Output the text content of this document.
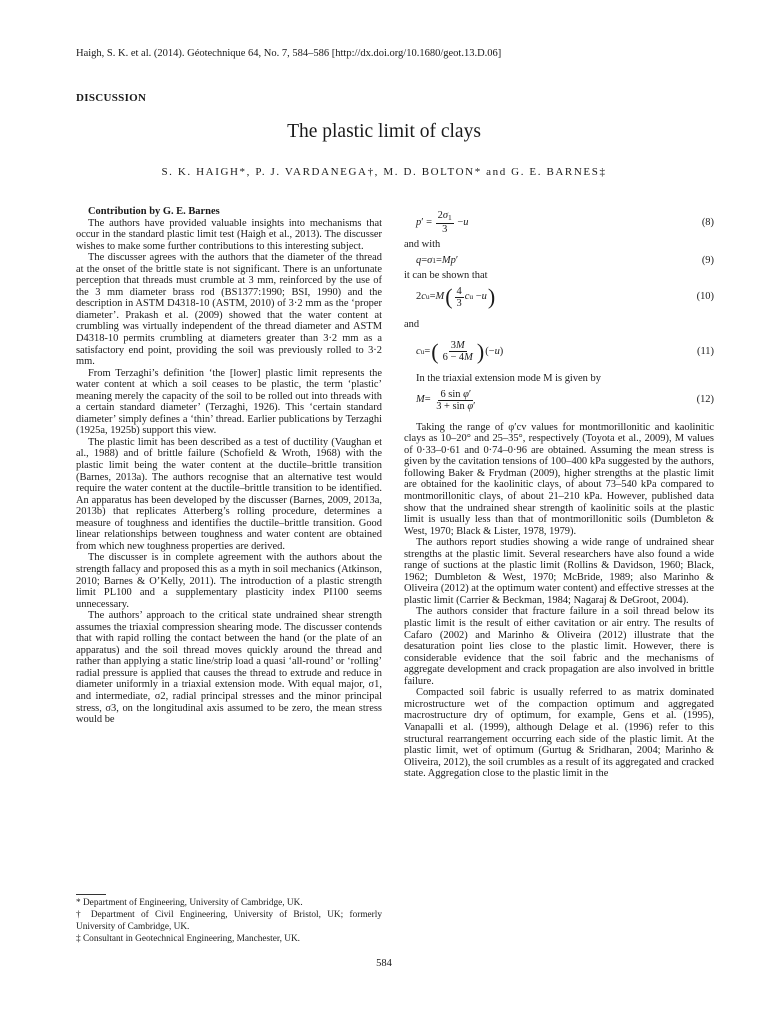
Haigh, S. K. et al. (2014). Géotechnique 64, No. 7, 584–586 [http://dx.doi.org/10.1680/geot.13.D.06]
DISCUSSION
The plastic limit of clays
S. K. HAIGH*, P. J. VARDANEGA†, M. D. BOLTON* and G. E. BARNES‡

Contribution by G. E. Barnes

The authors have provided valuable insights into mechanisms that occur in the standard plastic limit test (Haigh et al., 2013). The discusser wishes to make some further contributions to this interesting subject.

The discusser agrees with the authors that the diameter of the thread at the onset of the brittle state is not significant. There is an unfortunate perception that threads must crumble at 3 mm, reinforced by the use of the 3 mm diameter brass rod (BS1377:1990; BSI, 1990) and the description in ASTM D4318-10 (ASTM, 2010) of 3·2 mm as the ‘proper diameter’. Prakash et al. (2009) showed that the water content at crumbling was virtually independent of the thread diameter and ASTM D4318-10 permits crumbling at diameters greater than 3·2 mm as a satisfactory end point, providing the soil was previously rolled to 3·2 mm.

From Terzaghi’s definition ‘the [lower] plastic limit represents the water content at which a soil ceases to be plastic, the term ‘plastic’ meaning merely the capacity of the soil to be rolled out into threads with a certain standard diameter’ (Terzaghi, 1926). This ‘certain standard diameter’ simply defines a ‘thin’ thread. Earlier publications by Terzaghi (1925a, 1925b) support this view.

The plastic limit has been described as a test of ductility (Vaughan et al., 1988) and of brittle failure (Schofield & Wroth, 1968) with the plastic limit being the water content at the ductile–brittle transition (Barnes, 2013a). The authors recognise that an alternative test would require the water content at the ductile–brittle transition to be identified. An apparatus has been developed by the discusser (Barnes, 2009, 2013a, 2013b) that replicates Atterberg’s rolling procedure, determines a measure of toughness and identifies the ductile–brittle transition. Good linear relationships between toughness and water content are obtained from which new toughness properties are derived.

The discusser is in complete agreement with the authors about the strength fallacy and proposed this as a myth in soil mechanics (Atkinson, 2010; Barnes & O’Kelly, 2011). The introduction of a plastic strength limit PL100 and a supplementary plasticity index PI100 seems unnecessary.

The authors’ approach to the critical state undrained shear strength assumes the triaxial compression shearing mode. The discusser contends that with rapid rolling the contact between the hand (or the plate of an apparatus) and the soil thread moves quickly around the thread and rather than applying a static line/strip load a quasi ‘all-round’ or ‘rolling’ radial pressure is applied that causes the thread to extrude and reduce in diameter uniformly in a triaxial extension mode. With equal major, σ1, and intermediate, σ2, radial principal stresses and the minor principal stress, σ3, on the longitudinal axis assumed to be zero, the mean stress would be

* Department of Engineering, University of Cambridge, UK.

† Department of Civil Engineering, University of Bristol, UK; formerly University of Cambridge, UK.

‡ Consultant in Geotechnical Engineering, Manchester, UK.

p ′ = $\frac{2\sigma_1}{3} - u$	(8)

and with

q = σ 1 = Mp ′	(9)

it can be shown that

2 c u = M ( $\frac{4}{3}$ c u − u )	(10)

and

c u = ( $\frac{3M}{6 - 4M}$ ) (− u )	(11)

In the triaxial extension mode M is given by

$M = \frac{\text{6 sin φ′}}{\text{3 + sin φ′}}$	(12)

Taking the range of φ′cv values for montmorillonitic and kaolinitic clays as 10–20° and 25–35°, respectively (Toyota et al., 2009), M values of 0·33–0·61 and 0·74–0·96 are obtained. Assuming the mean stress is given by the cavitation tensions of 100–400 kPa suggested by the authors, following Baker & Frydman (2009), higher strengths at the plastic limit are obtained for the kaolinitic clays, of about 73–540 kPa compared to montmorillonitic clays, of about 21–210 kPa. However, published data show that the undrained shear strength of kaolinitic soils at the plastic limit is usually less than that of montmorillonitic soils (Dumbleton & West, 1970; Black & Lister, 1978, 1979).

The authors report studies showing a wide range of undrained shear strengths at the plastic limit. Several researchers have also found a wide range of suctions at the plastic limit (Rollins & Davidson, 1960; Black, 1962; Dumbleton & West, 1970; McBride, 1989; also Marinho & Oliveira (2012) at the optimum water content) and effective stresses at the plastic limit (Carrier & Beckman, 1984; Nagaraj & DeGroot, 2004).

The authors consider that fracture failure in a soil thread below its plastic limit is the result of either cavitation or air entry. The results of Cafaro (2002) and Marinho & Oliveira (2012) illustrate that the desaturation point lies close to the plastic limit. However, there is considerable evidence that the soil fabric and the mechanisms of aggregate development and crack propagation are also involved in brittle failure.

Compacted soil fabric is usually referred to as matrix dominated microstructure wet of the compaction optimum and aggregated macrostructure dry of optimum, for example, Gens et al. (1995), Vanapalli et al. (1999), although Delage et al. (1996) refer to this structural rearrangement occurring each side of the plastic limit. At the plastic limit, wet of optimum (Gurtug & Sridharan, 2004; Marinho & Oliveira, 2012), the soil crumbles as a result of its aggregated and cracked state. Aggregation close to the plastic limit in the

584
